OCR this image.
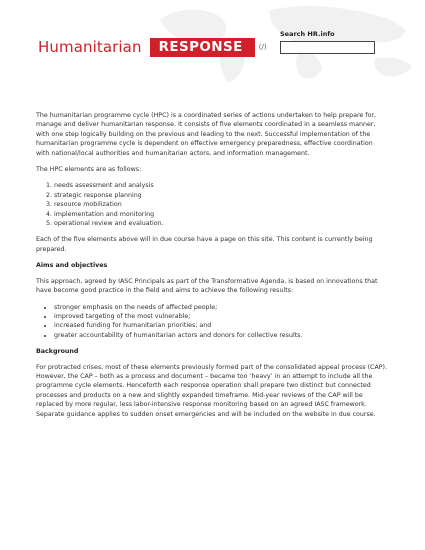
Humanitarian	RESPONSE	(/)
Search HR.info

The humanitarian programme cycle (HPC) is a coordinated series of actions undertaken to help prepare for, manage and deliver humanitarian response. It consists of five elements coordinated in a seamless manner, with one step logically building on the previous and leading to the next. Successful implementation of the humanitarian programme cycle is dependent on effective emergency preparedness, effective coordination with national/local authorities and humanitarian actors, and information management.

The HPC elements are as follows:

1. needs assessment and analysis
2. strategic response planning
3. resource mobilization
4. implementation and monitoring
5. operational review and evaluation.

Each of the five elements above will in due course have a page on this site. This content is currently being prepared.

Aims and objectives

This approach, agreed by IASC Principals as part of the Transformative Agenda, is based on innovations that have become good practice in the field and aims to achieve the following results:

• stronger emphasis on the needs of affected people;
• improved targeting of the most vulnerable;
• increased funding for humanitarian priorities; and
• greater accountability of humanitarian actors and donors for collective results.
Background

For protracted crises, most of these elements previously formed part of the consolidated appeal process (CAP). However, the CAP – both as a process and document – became too ‘heavy’ in an attempt to include all the programme cycle elements. Henceforth each response operation shall prepare two distinct but connected processes and products on a new and slightly expanded timeframe. Mid-year reviews of the CAP will be replaced by more regular, less labor-intensive response monitoring based on an agreed IASC framework. Separate guidance applies to sudden onset emergencies and will be included on the website in due course.
